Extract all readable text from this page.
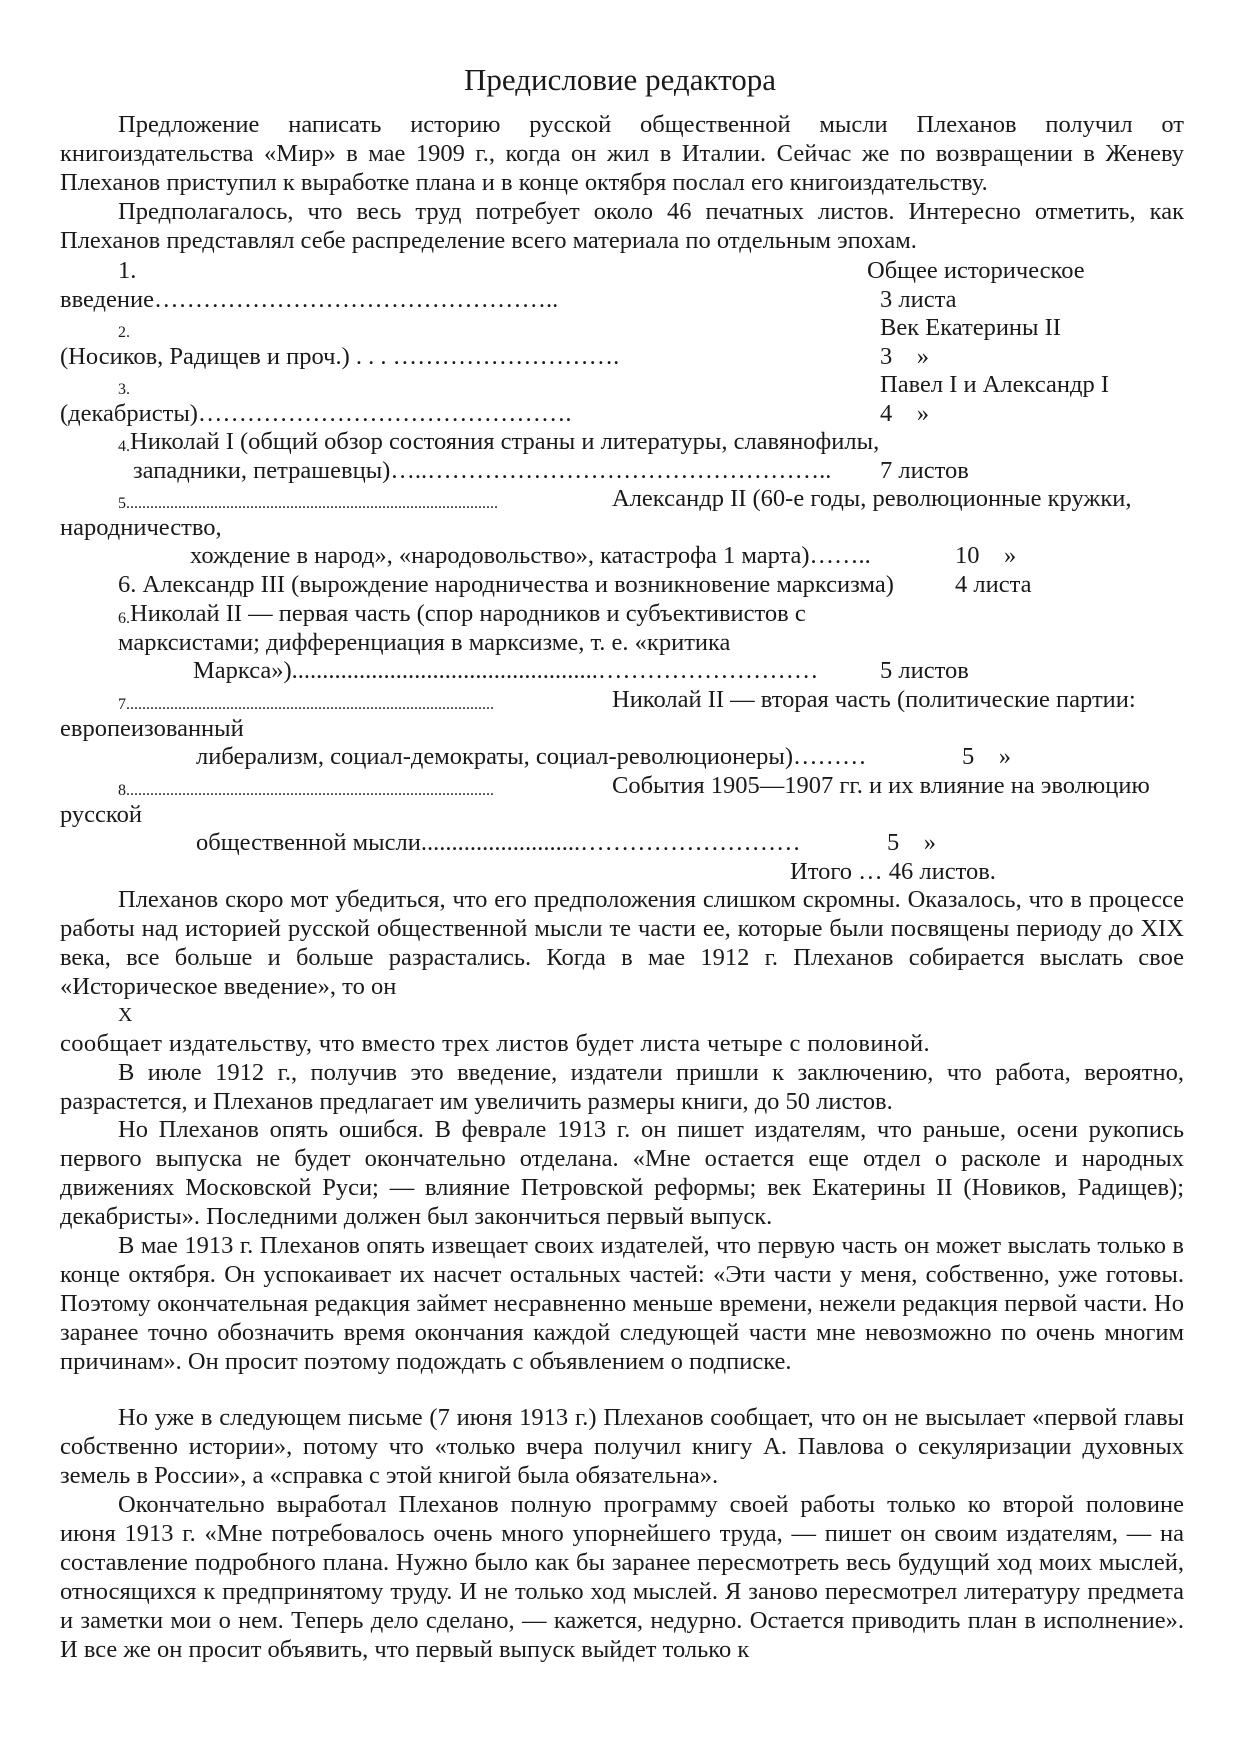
Предисловие редактора

Предложение написать историю русской общественной мысли Плеханов получил от книгоиздательства «Мир» в мае 1909 г., когда он жил в Италии. Сейчас же по возвращении в Женеву Плеханов приступил к выработке плана и в конце октября послал его книгоиздательству.

Предполагалось, что весь труд потребует около 46 печатных листов. Интересно отметить, как Плеханов представлял себе распределение всего материала по отдельным эпохам.

1.	Общее историческое
введение…………………………………………..	3 листа
2.	Век Екатерины II
(Носиков, Радищев и проч.) . . . ……………………….	3    »
3.	Павел I и Александр I
(декабристы)……………………………………….	4    »
4. Николай I (общий обзор состояния страны и литературы, славянофилы,
западники, петрашевцы)…..………………………………………….. 7 листов
5.............................................................................................	Александр II (60-е годы, революционные кружки,
народничество,
хождение в народ», «народовольство», катастрофа 1 марта)……..	10    »
6. Александр III (вырождение народничества и возникновение марксизма) 4 листа
6. Николай II — первая часть (спор народников и субъективистов с
марксистами; дифференциация в марксизме, т. е. «критика
Маркса»)..................................................………………………	5 листов
7............................................................................................	Николай II — вторая часть (политические партии:
европеизованный
либерализм, социал-демократы, социал-революционеры)………	5    »
8............................................................................................	События 1905—1907 гг. и их влияние на эволюцию
русской
общественной мысли..........................………………………	5    »
Итого … 46 листов.

Плеханов скоро мот убедиться, что его предположения слишком скромны. Оказалось, что в процессе работы над историей русской общественной мысли те части ее, которые были посвящены периоду до XIX века, все больше и больше разрастались. Когда в мае 1912 г. Плеханов собирается выслать свое «Историческое введение», то он

X

сообщает издательству, что вместо трех листов будет листа четыре с половиной.

В июле 1912 г., получив это введение, издатели пришли к заключению, что работа, вероятно, разрастется, и Плеханов предлагает им увеличить размеры книги, до 50 листов.

Но Плеханов опять ошибся. В феврале 1913 г. он пишет издателям, что раньше, осени рукопись первого выпуска не будет окончательно отделана. «Мне остается еще отдел о расколе и народных движениях Московской Руси; — влияние Петровской реформы; век Екатерины II (Новиков, Радищев); декабристы». Последними должен был закончиться первый выпуск.

В мае 1913 г. Плеханов опять извещает своих издателей, что первую часть он может выслать только в конце октября. Он успокаивает их насчет остальных частей: «Эти части у меня, собственно, уже готовы. Поэтому окончательная редакция займет несравненно меньше времени, нежели редакция первой части. Но заранее точно обозначить время окончания каждой следующей части мне невозможно по очень многим причинам». Он просит поэтому подождать с объявлением о подписке.

Но уже в следующем письме (7 июня 1913 г.) Плеханов сообщает, что он не высылает «первой главы собственно истории», потому что «только вчера получил книгу А. Павлова о секуляризации духовных земель в России», а «справка с этой книгой была обязательна».

Окончательно выработал Плеханов полную программу своей работы только ко второй половине июня 1913 г. «Мне потребовалось очень много упорнейшего труда, — пишет он своим издателям, — на составление подробного плана. Нужно было как бы заранее пересмотреть весь будущий ход моих мыслей, относящихся к предпринятому труду. И не только ход мыслей. Я заново пересмотрел литературу предмета и заметки мои о нем. Теперь дело сделано, — кажется, недурно. Остается приводить план в исполнение». И все же он просит объявить, что первый выпуск выйдет только к
